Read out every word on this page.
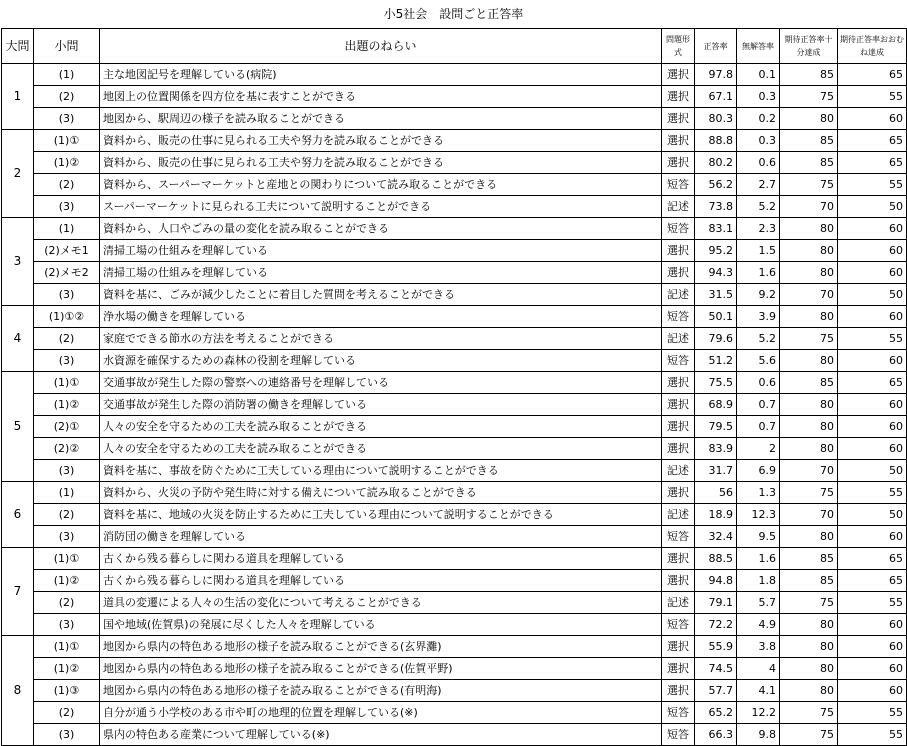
小5社会　設問ごと正答率
大問	小問	出題のねらい	問題形式	正答率	無解答率	期待正答率十分達成	期待正答率おおむね達成
1	(1)	主な地図記号を理解している(病院)	選択	97.8	0.1	85	65
	(2)	地図上の位置関係を四方位を基に表すことができる	選択	67.1	0.3	75	55
	(3)	地図から、駅周辺の様子を読み取ることができる	選択	80.3	0.2	80	60
2	(1)①	資料から、販売の仕事に見られる工夫や努力を読み取ることができる	選択	88.8	0.3	85	65
	(1)②	資料から、販売の仕事に見られる工夫や努力を読み取ることができる	選択	80.2	0.6	85	65
	(2)	資料から、スーパーマーケットと産地との関わりについて読み取ることができる	短答	56.2	2.7	75	55
	(3)	スーパーマーケットに見られる工夫について説明することができる	記述	73.8	5.2	70	50
3	(1)	資料から、人口やごみの量の変化を読み取ることができる	短答	83.1	2.3	80	60
	(2)メモ1	清掃工場の仕組みを理解している	選択	95.2	1.5	80	60
	(2)メモ2	清掃工場の仕組みを理解している	選択	94.3	1.6	80	60
	(3)	資料を基に、ごみが減少したことに着目した質問を考えることができる	記述	31.5	9.2	70	50
4	(1)①②	浄水場の働きを理解している	短答	50.1	3.9	80	60
	(2)	家庭でできる節水の方法を考えることができる	記述	79.6	5.2	75	55
	(3)	水資源を確保するための森林の役割を理解している	短答	51.2	5.6	80	60
5	(1)①	交通事故が発生した際の警察への連絡番号を理解している	選択	75.5	0.6	85	65
	(1)②	交通事故が発生した際の消防署の働きを理解している	選択	68.9	0.7	80	60
	(2)①	人々の安全を守るための工夫を読み取ることができる	選択	79.5	0.7	80	60
	(2)②	人々の安全を守るための工夫を読み取ることができる	選択	83.9	2	80	60
	(3)	資料を基に、事故を防ぐために工夫している理由について説明することができる	記述	31.7	6.9	70	50
6	(1)	資料から、火災の予防や発生時に対する備えについて読み取ることができる	選択	56	1.3	75	55
	(2)	資料を基に、地域の火災を防止するために工夫している理由について説明することができる	記述	18.9	12.3	70	50
	(3)	消防団の働きを理解している	短答	32.4	9.5	80	60
7	(1)①	古くから残る暮らしに関わる道具を理解している	選択	88.5	1.6	85	65
	(1)②	古くから残る暮らしに関わる道具を理解している	選択	94.8	1.8	85	65
	(2)	道具の変遷による人々の生活の変化について考えることができる	記述	79.1	5.7	75	55
	(3)	国や地域(佐賀県)の発展に尽くした人々を理解している	短答	72.2	4.9	80	60
8	(1)①	地図から県内の特色ある地形の様子を読み取ることができる(玄界灘)	選択	55.9	3.8	80	60
	(1)②	地図から県内の特色ある地形の様子を読み取ることができる(佐賀平野)	選択	74.5	4	80	60
	(1)③	地図から県内の特色ある地形の様子を読み取ることができる(有明海)	選択	57.7	4.1	80	60
	(2)	自分が通う小学校のある市や町の地理的位置を理解している(※)	短答	65.2	12.2	75	55
	(3)	県内の特色ある産業について理解している(※)	短答	66.3	9.8	75	55
